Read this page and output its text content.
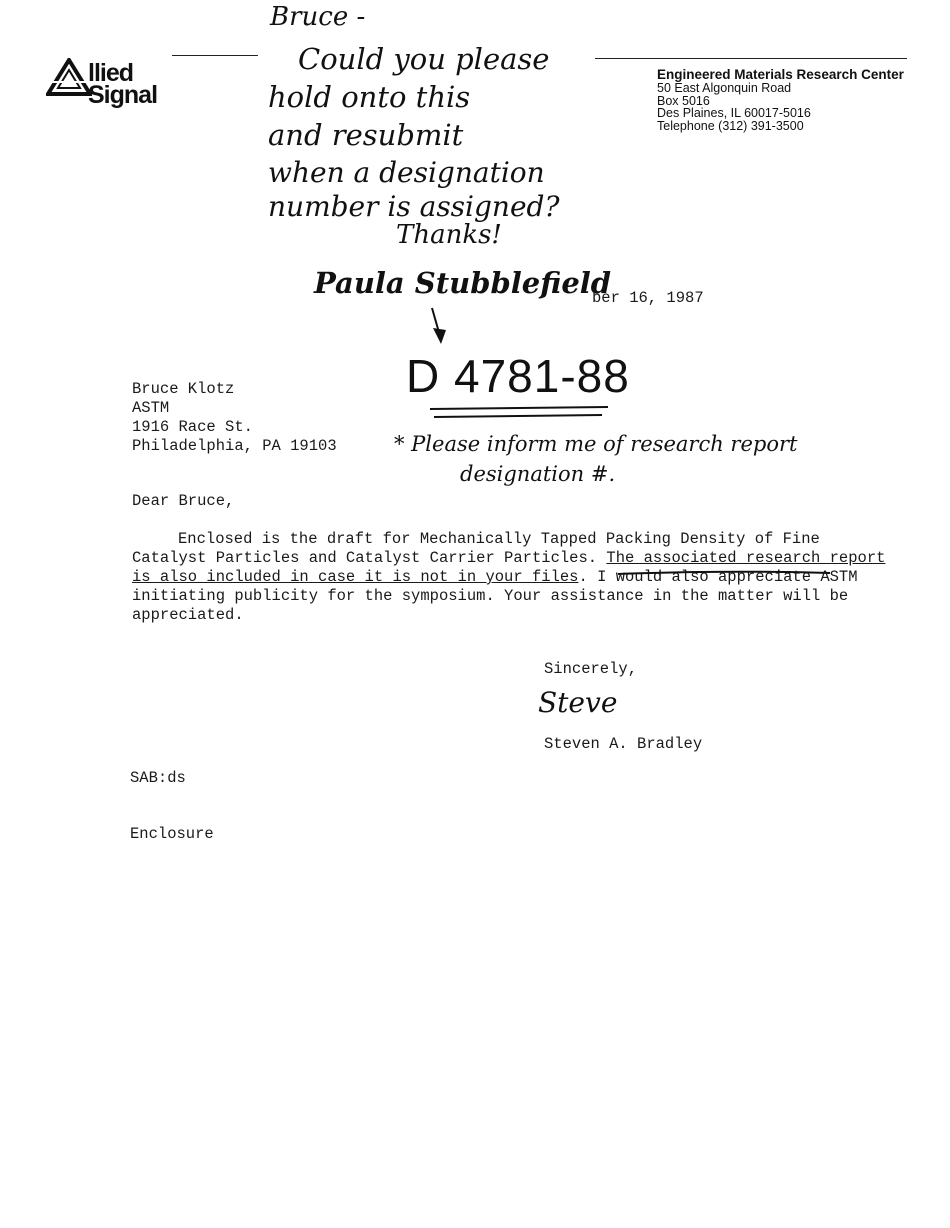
llied
Signal
Engineered Materials Research Center
50 East Algonquin Road
Box 5016
Des Plaines, IL 60017-5016
Telephone (312) 391-3500
Bruce -
Could you please
hold onto this
and resubmit
when a designation
number is assigned?
Thanks!
Paula Stubblefield
ber 16, 1987
D 4781-88
Bruce Klotz
ASTM
1916 Race St.
Philadelphia, PA 19103	* Please inform me of research report
designation #.
Dear Bruce,
Enclosed is the draft for Mechanically Tapped Packing Density of Fine Catalyst Particles and Catalyst Carrier Particles. The associated research report is also included in case it is not in your files. I would also appreciate ASTM initiating publicity for the symposium. Your assistance in the matter will be appreciated.
Sincerely,
Steve
Steven A. Bradley
SAB:ds
Enclosure
